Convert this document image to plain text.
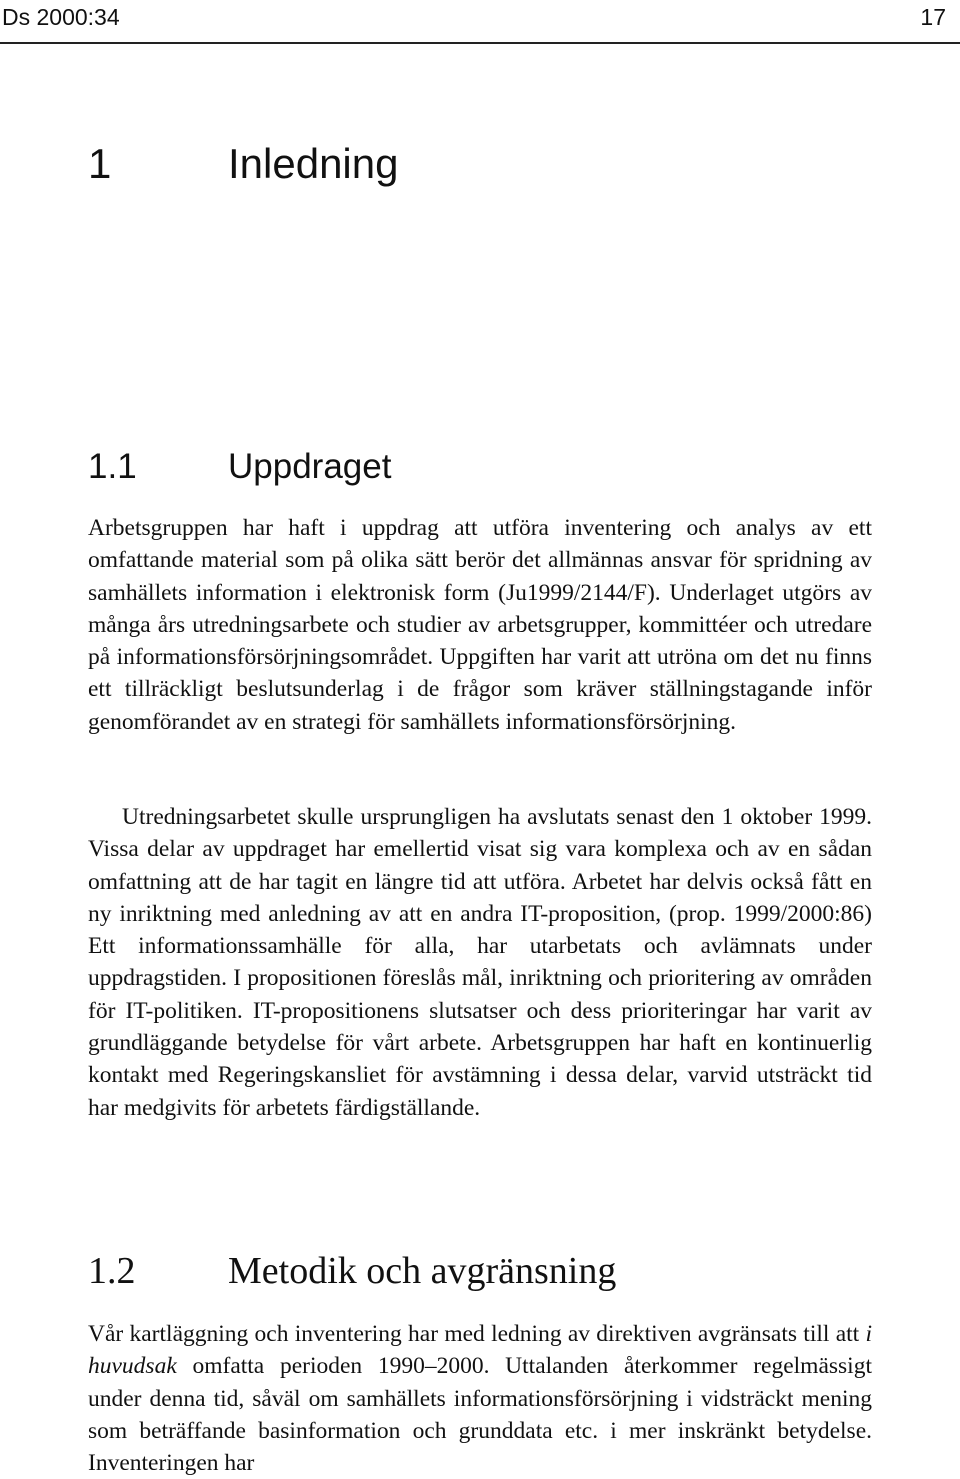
Ds 2000:34	17
1	Inledning
1.1	Uppdraget
Arbetsgruppen har haft i uppdrag att utföra inventering och analys av ett omfattande material som på olika sätt berör det allmännas ansvar för spridning av samhällets information i elektronisk form (Ju1999/2144/F). Underlaget utgörs av många års utredningsarbete och studier av arbetsgrupper, kommittéer och utredare på informationsförsörjningsområdet. Uppgiften har varit att utröna om det nu finns ett tillräckligt beslutsunderlag i de frågor som kräver ställningstagande inför genomförandet av en strategi för samhällets informationsförsörjning.
Utredningsarbetet skulle ursprungligen ha avslutats senast den 1 oktober 1999. Vissa delar av uppdraget har emellertid visat sig vara komplexa och av en sådan omfattning att de har tagit en längre tid att utföra. Arbetet har delvis också fått en ny inriktning med anledning av att en andra IT-proposition, (prop. 1999/2000:86) Ett informationssamhälle för alla, har utarbetats och avlämnats under uppdragstiden. I propositionen föreslås mål, inriktning och prioritering av områden för IT-politiken. IT-propositionens slutsatser och dess prioriteringar har varit av grundläggande betydelse för vårt arbete. Arbetsgruppen har haft en kontinuerlig kontakt med Regeringskansliet för avstämning i dessa delar, varvid utsträckt tid har medgivits för arbetets färdigställande.
1.2 Metodik och avgränsning
Vår kartläggning och inventering har med ledning av direktiven avgränsats till att i huvudsak omfatta perioden 1990–2000. Uttalanden återkommer regelmässigt under denna tid, såväl om samhällets informationsförsörjning i vidsträckt mening som beträffande basinformation och grunddata etc. i mer inskränkt betydelse. Inventeringen har
